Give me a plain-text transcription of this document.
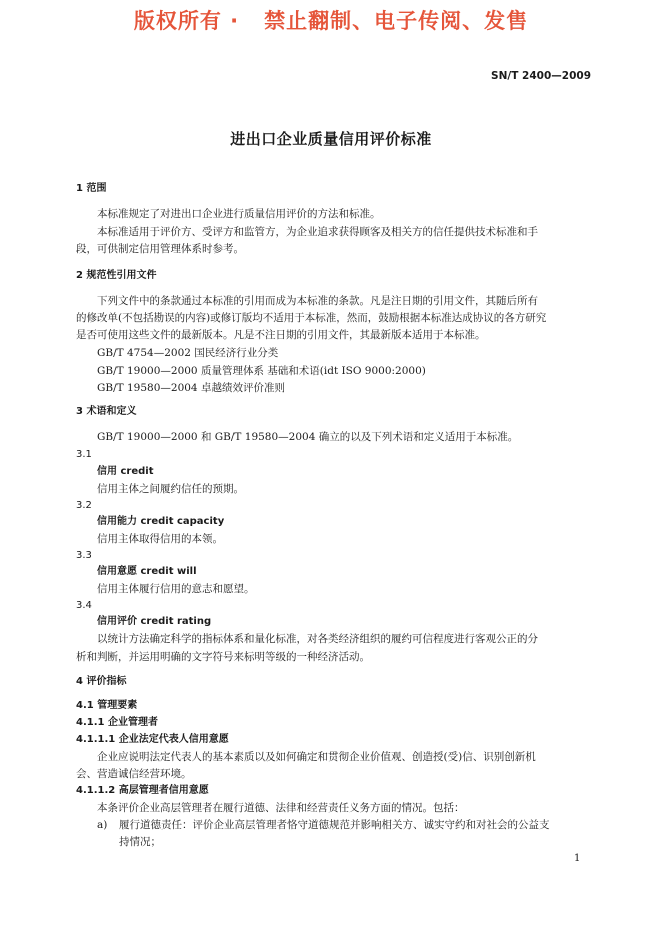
版权所有 ·   禁止翻制、电子传阅、发售
SN/T 2400—2009
进出口企业质量信用评价标准
1 范围
本标准规定了对进出口企业进行质量信用评价的方法和标准。
本标准适用于评价方、受评方和监管方，为企业追求获得顾客及相关方的信任提供技术标准和手
段，可供制定信用管理体系时参考。
2 规范性引用文件
下列文件中的条款通过本标准的引用而成为本标准的条款。凡是注日期的引用文件，其随后所有
的修改单(不包括勘误的内容)或修订版均不适用于本标准，然而，鼓励根据本标准达成协议的各方研究
是否可使用这些文件的最新版本。凡是不注日期的引用文件，其最新版本适用于本标准。
GB/T 4754—2002 国民经济行业分类
GB/T 19000—2000 质量管理体系 基础和术语(idt ISO 9000:2000)
GB/T 19580—2004 卓越绩效评价准则
3 术语和定义
GB/T 19000—2000 和 GB/T 19580—2004 确立的以及下列术语和定义适用于本标准。
3.1
信用 credit
信用主体之间履约信任的预期。
3.2
信用能力 credit capacity
信用主体取得信用的本领。
3.3
信用意愿 credit will
信用主体履行信用的意志和愿望。
3.4
信用评价 credit rating
以统计方法确定科学的指标体系和量化标准，对各类经济组织的履约可信程度进行客观公正的分
析和判断，并运用明确的文字符号来标明等级的一种经济活动。
4 评价指标
4.1 管理要素
4.1.1 企业管理者
4.1.1.1 企业法定代表人信用意愿
企业应说明法定代表人的基本素质以及如何确定和贯彻企业价值观、创造授(受)信、识别创新机
会、营造诚信经营环境。
4.1.1.2 高层管理者信用意愿
本条评价企业高层管理者在履行道德、法律和经营责任义务方面的情况。包括：
a) 履行道德责任：评价企业高层管理者恪守道德规范并影响相关方、诚实守约和对社会的公益支
持情况；
1
